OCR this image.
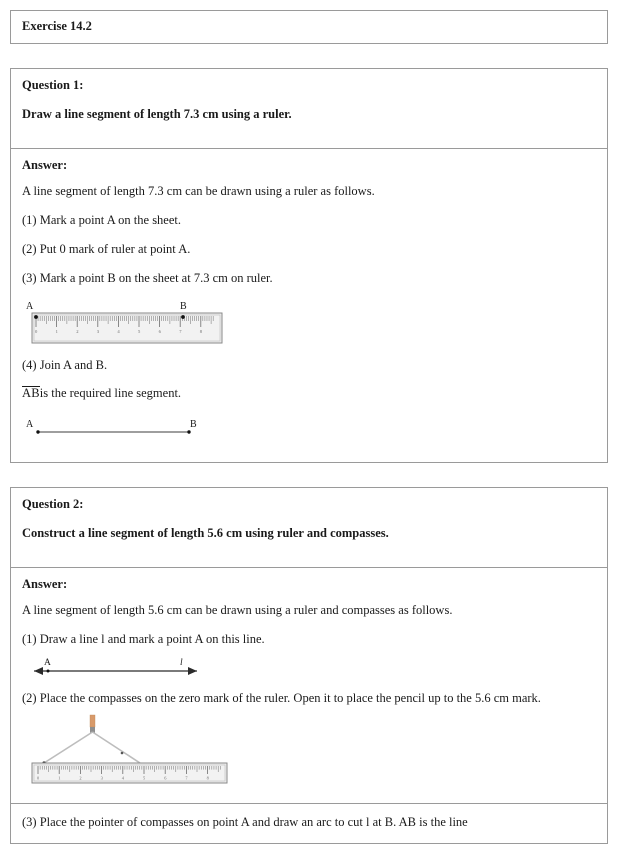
Exercise 14.2
Question 1:
Draw a line segment of length 7.3 cm using a ruler.
Answer:
A line segment of length 7.3 cm can be drawn using a ruler as follows.
(1) Mark a point A on the sheet.
(2) Put 0 mark of ruler at point A.
(3) Mark a point B on the sheet at 7.3 cm on ruler.
A	B
0	1	2	3	4	5	6	7	8
(4) Join A and B.
ABis the required line segment.
A	B
Question 2:
Construct a line segment of length 5.6 cm using ruler and compasses.
Answer:
A line segment of length 5.6 cm can be drawn using a ruler and compasses as follows.
(1) Draw a line l and mark a point A on this line.
A	l
(2) Place the compasses on the zero mark of the ruler. Open it to place the pencil up to the 5.6 cm mark.
0	1	2	3	4	5	6	7	8
(3) Place the pointer of compasses on point A and draw an arc to cut l at B. AB is the line
